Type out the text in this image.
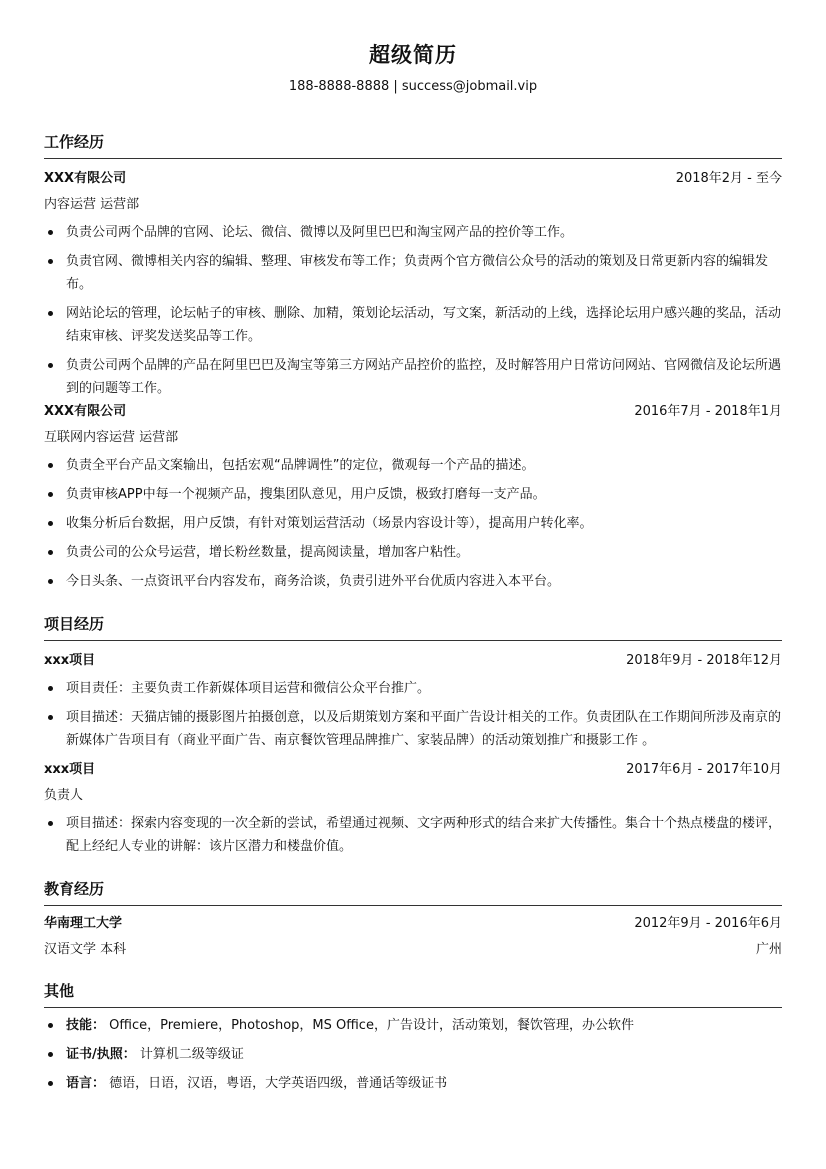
超级简历
188-8888-8888 | success@jobmail.vip
工作经历
XXX有限公司	2018年2月 - 至今
内容运营 运营部
负责公司两个品牌的官网、论坛、微信、微博以及阿里巴巴和淘宝网产品的控价等工作。
负责官网、微博相关内容的编辑、整理、审核发布等工作；负责两个官方微信公众号的活动的策划及日常更新内容的编辑发布。
网站论坛的管理，论坛帖子的审核、删除、加精，策划论坛活动，写文案，新活动的上线，选择论坛用户感兴趣的奖品，活动结束审核、评奖发送奖品等工作。
负责公司两个品牌的产品在阿里巴巴及淘宝等第三方网站产品控价的监控，及时解答用户日常访问网站、官网微信及论坛所遇到的问题等工作。
XXX有限公司	2016年7月 - 2018年1月
互联网内容运营 运营部
负责全平台产品文案输出，包括宏观“品牌调性”的定位，微观每一个产品的描述。
负责审核APP中每一个视频产品，搜集团队意见，用户反馈，极致打磨每一支产品。
收集分析后台数据，用户反馈，有针对策划运营活动（场景内容设计等），提高用户转化率。
负责公司的公众号运营，增长粉丝数量，提高阅读量，增加客户粘性。
今日头条、一点资讯平台内容发布，商务洽谈，负责引进外平台优质内容进入本平台。
项目经历
xxx项目	2018年9月 - 2018年12月
项目责任：主要负责工作新媒体项目运营和微信公众平台推广。
项目描述：天猫店铺的摄影图片拍摄创意，以及后期策划方案和平面广告设计相关的工作。负责团队在工作期间所涉及南京的新媒体广告项目有（商业平面广告、南京餐饮管理品牌推广、家装品牌）的活动策划推广和摄影工作 。
xxx项目	2017年6月 - 2017年10月
负责人
项目描述：探索内容变现的一次全新的尝试，希望通过视频、文字两种形式的结合来扩大传播性。集合十个热点楼盘的楼评，配上经纪人专业的讲解：该片区潜力和楼盘价值。
教育经历
华南理工大学	2012年9月 - 2016年6月
汉语文学 本科	广州
其他
技能： Office，Premiere，Photoshop，MS Office，广告设计，活动策划，餐饮管理，办公软件
证书/执照： 计算机二级等级证
语言： 德语，日语，汉语，粤语，大学英语四级，普通话等级证书
